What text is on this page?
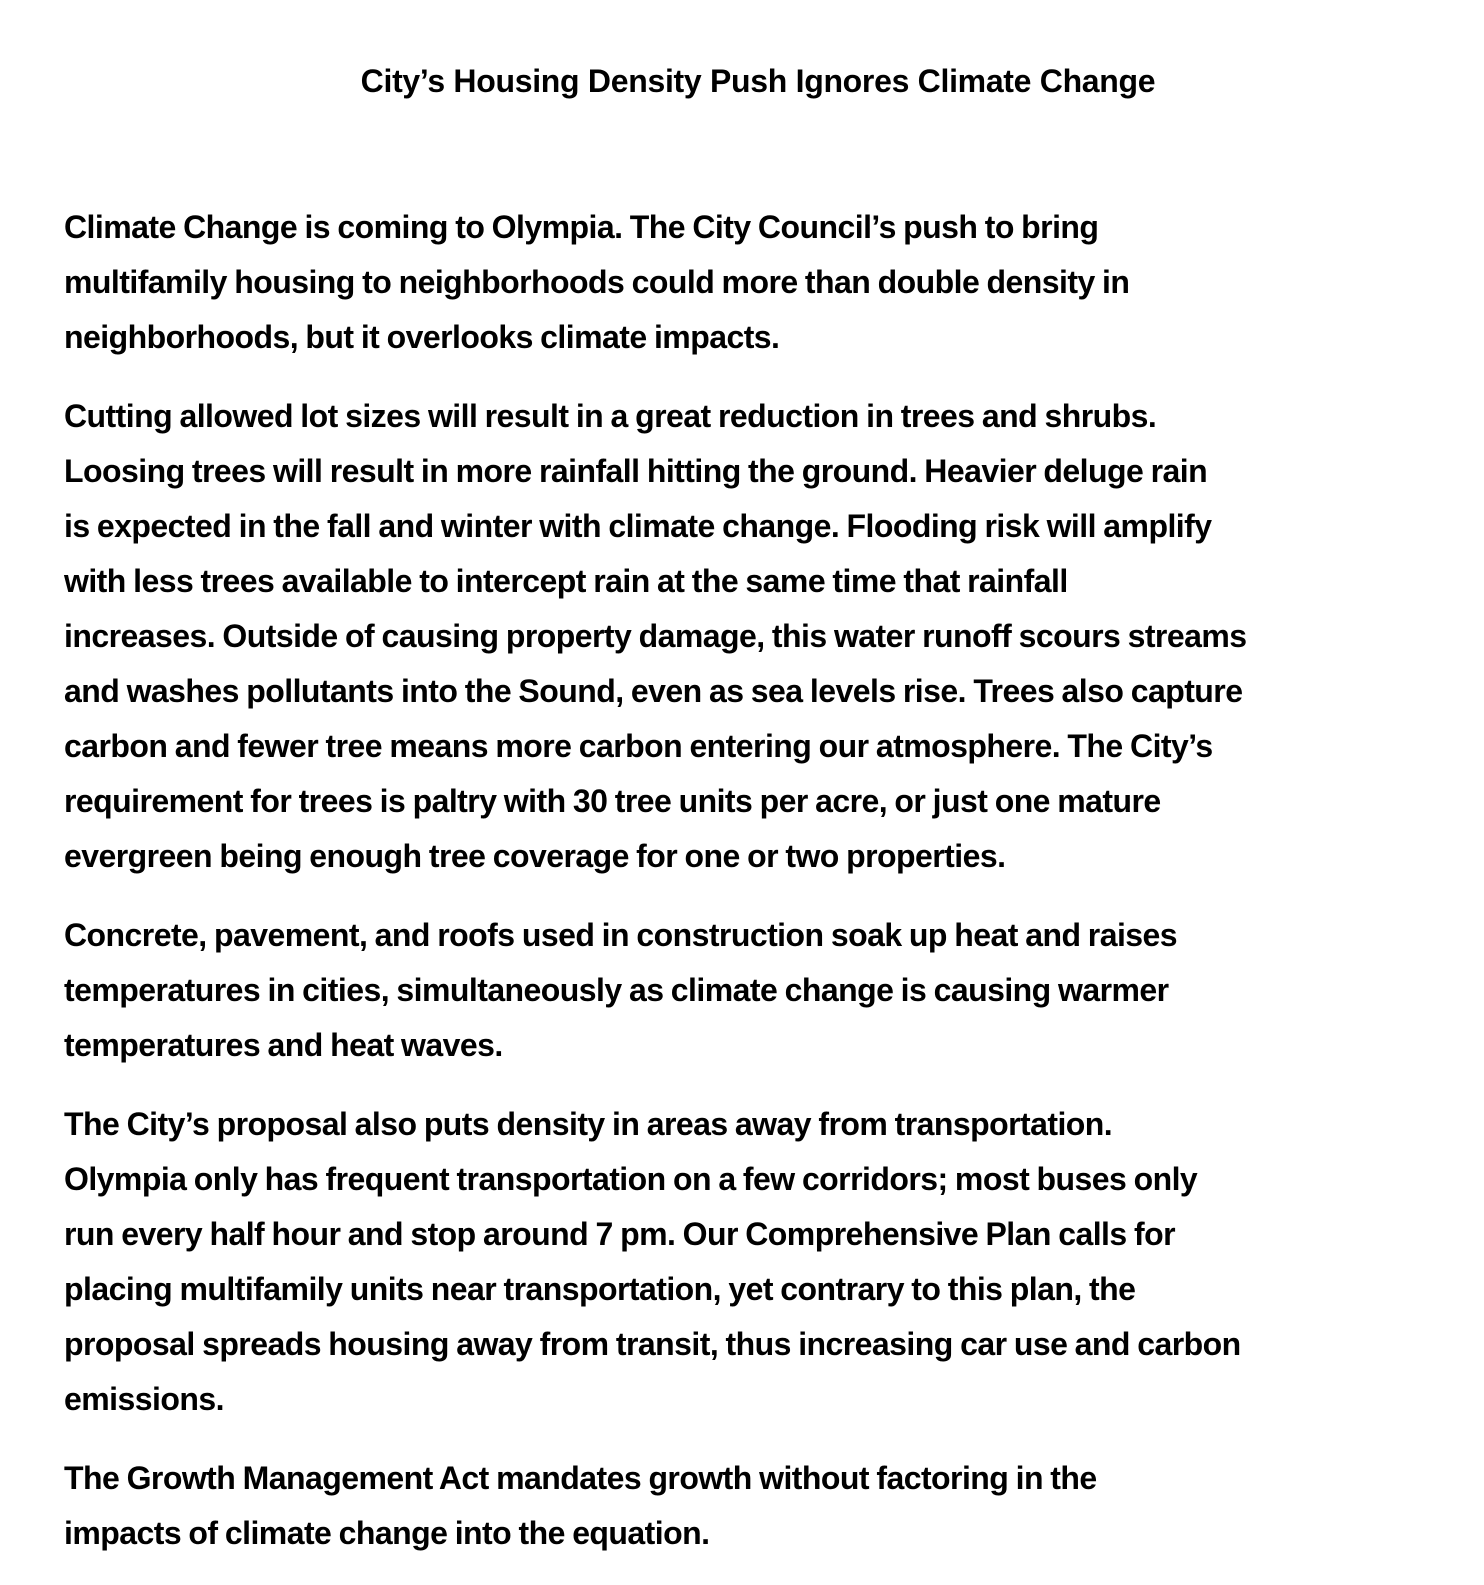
City’s Housing Density Push Ignores Climate Change

Climate Change is coming to Olympia. The City Council’s push to bring
multifamily housing to neighborhoods could more than double density in
neighborhoods, but it overlooks climate impacts.

Cutting allowed lot sizes will result in a great reduction in trees and shrubs.
Loosing trees will result in more rainfall hitting the ground. Heavier deluge rain
is expected in the fall and winter with climate change. Flooding risk will amplify
with less trees available to intercept rain at the same time that rainfall
increases. Outside of causing property damage, this water runoff scours streams
and washes pollutants into the Sound, even as sea levels rise. Trees also capture
carbon and fewer tree means more carbon entering our atmosphere. The City’s
requirement for trees is paltry with 30 tree units per acre, or just one mature
evergreen being enough tree coverage for one or two properties.

Concrete, pavement, and roofs used in construction soak up heat and raises
temperatures in cities, simultaneously as climate change is causing warmer
temperatures and heat waves.

The City’s proposal also puts density in areas away from transportation.
Olympia only has frequent transportation on a few corridors; most buses only
run every half hour and stop around 7 pm. Our Comprehensive Plan calls for
placing multifamily units near transportation, yet contrary to this plan, the
proposal spreads housing away from transit, thus increasing car use and carbon
emissions.

The Growth Management Act mandates growth without factoring in the
impacts of climate change into the equation.
